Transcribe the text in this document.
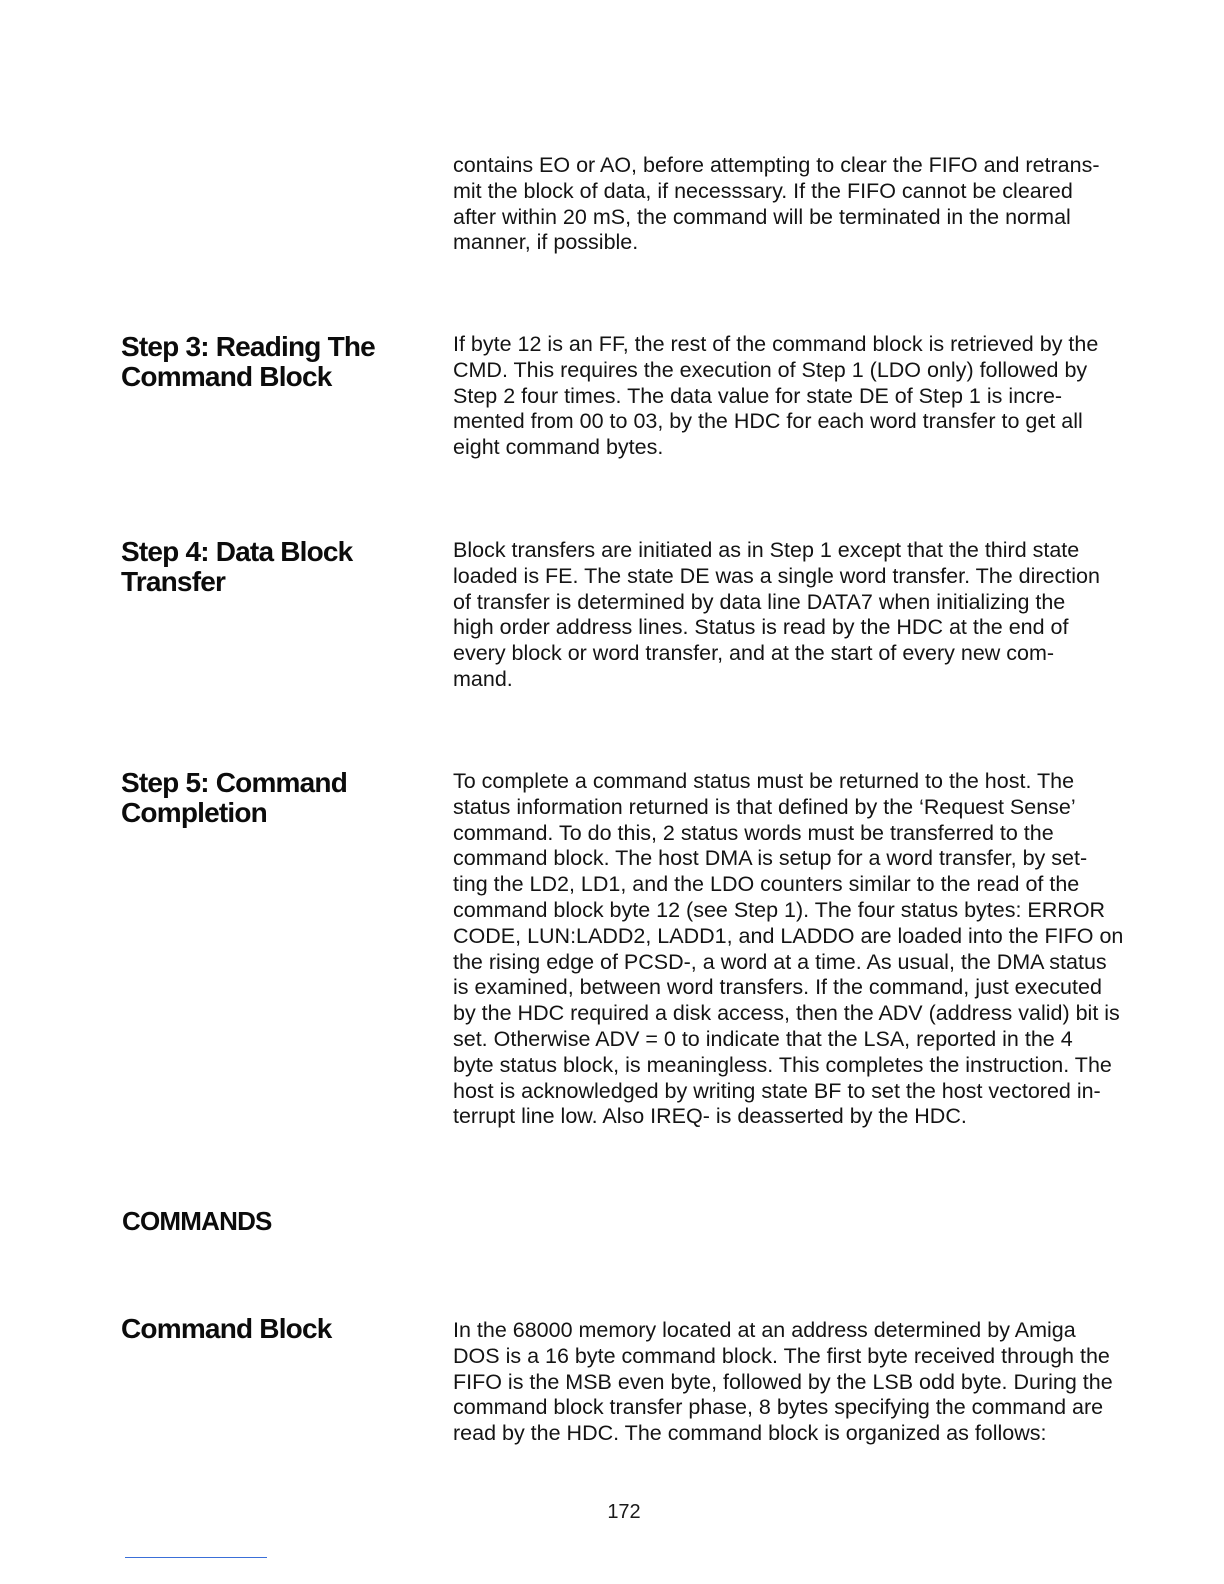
contains EO or AO, before attempting to clear the FIFO and retrans-
mit the block of data, if necesssary. If the FIFO cannot be cleared
after within 20 mS, the command will be terminated in the normal
manner, if possible.

Step 3: Reading The
Command Block

If byte 12 is an FF, the rest of the command block is retrieved by the
CMD. This requires the execution of Step 1 (LDO only) followed by
Step 2 four times. The data value for state DE of Step 1 is incre-
mented from 00 to 03, by the HDC for each word transfer to get all
eight command bytes.

Step 4: Data Block
Transfer

Block transfers are initiated as in Step 1 except that the third state
loaded is FE. The state DE was a single word transfer. The direction
of transfer is determined by data line DATA7 when initializing the
high order address lines. Status is read by the HDC at the end of
every block or word transfer, and at the start of every new com-
mand.

Step 5: Command
Completion

To complete a command status must be returned to the host. The
status information returned is that defined by the ‘Request Sense’
command. To do this, 2 status words must be transferred to the
command block. The host DMA is setup for a word transfer, by set-
ting the LD2, LD1, and the LDO counters similar to the read of the
command block byte 12 (see Step 1). The four status bytes: ERROR
CODE, LUN:LADD2, LADD1, and LADDO are loaded into the FIFO on
the rising edge of PCSD-, a word at a time. As usual, the DMA status
is examined, between word transfers. If the command, just executed
by the HDC required a disk access, then the ADV (address valid) bit is
set. Otherwise ADV = 0 to indicate that the LSA, reported in the 4
byte status block, is meaningless. This completes the instruction. The
host is acknowledged by writing state BF to set the host vectored in-
terrupt line low. Also IREQ- is deasserted by the HDC.

COMMANDS
Command Block	In the 68000 memory located at an address determined by Amiga
DOS is a 16 byte command block. The first byte received through the
FIFO is the MSB even byte, followed by the LSB odd byte. During the
command block transfer phase, 8 bytes specifying the command are
read by the HDC. The command block is organized as follows:

172
